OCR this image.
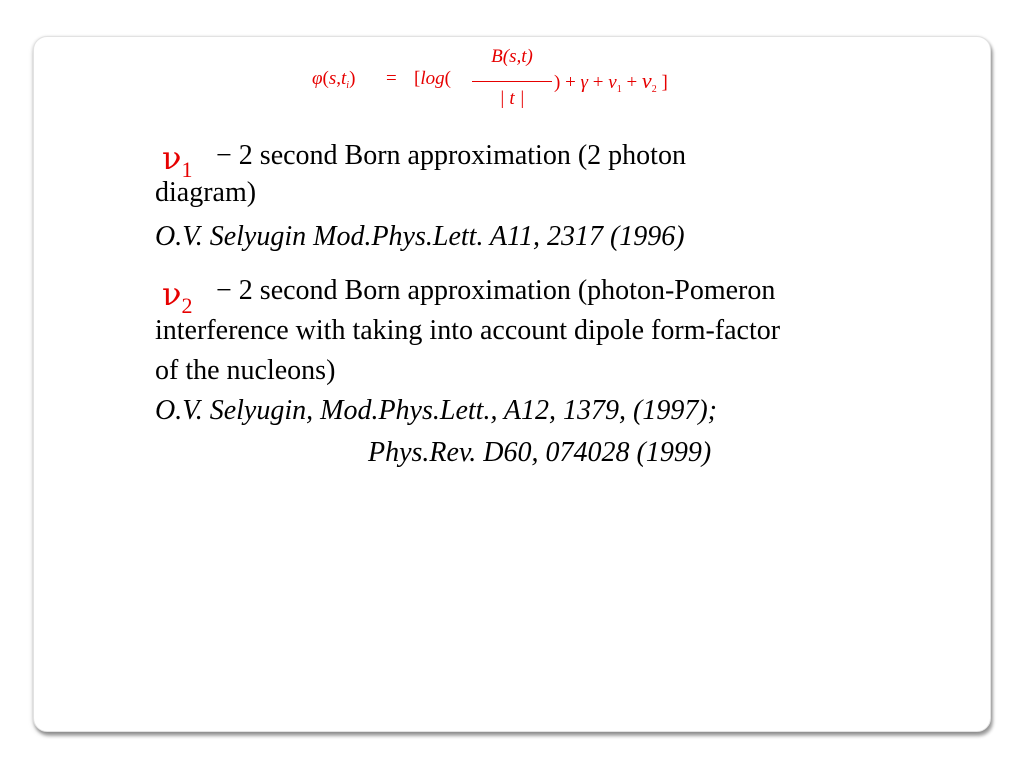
$\varphi(s,t_i) = [\log$(
B(s,t)
| t |
) + $\gamma + \nu_1 + \nu_2$ ]
$\nu_1 - 2$ second Born approximation (2 photon
diagram)
O.V. Selyugin Mod.Phys.Lett. A11, 2317 (1996)
$\nu_2 - 2$ second Born approximation (photon-Pomeron
interference with taking into account dipole form-factor
of the nucleons)
O.V. Selyugin, Mod.Phys.Lett., A12, 1379, (1997);
Phys.Rev. D60, 074028 (1999)
